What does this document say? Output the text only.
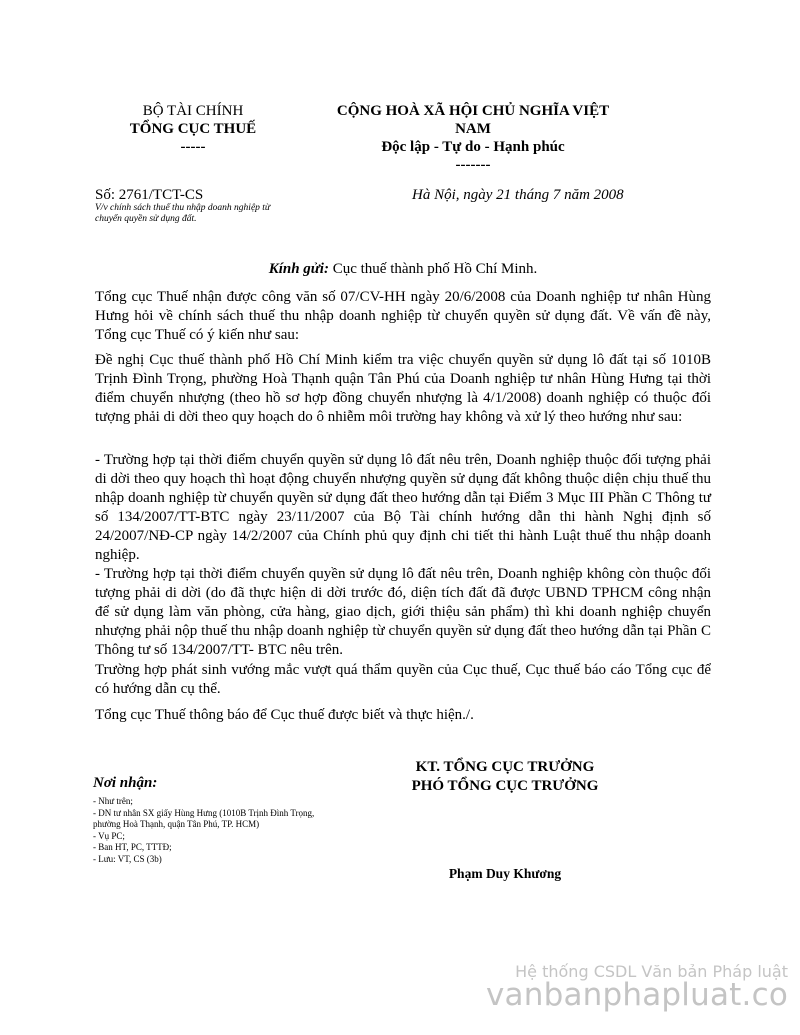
BỘ TÀI CHÍNH
TỔNG CỤC THUẾ
-----
CỘNG HOÀ XÃ HỘI CHỦ NGHĨA VIỆT
NAM
Độc lập - Tự do - Hạnh phúc
-------
Số: 2761/TCT-CS
V/v chính sách thuế thu nhập doanh nghiệp từ
chuyển quyền sử dụng đất.
Hà Nội, ngày 21 tháng 7 năm 2008
Kính gửi: Cục thuế thành phố Hồ Chí Minh.
Tổng cục Thuế nhận được công văn số 07/CV-HH ngày 20/6/2008 của Doanh nghiệp tư nhân Hùng Hưng hỏi về chính sách thuế thu nhập doanh nghiệp từ chuyển quyền sử dụng đất. Về vấn đề này, Tổng cục Thuế có ý kiến như sau:
Đề nghị Cục thuế thành phố Hồ Chí Minh kiểm tra việc chuyển quyền sử dụng lô đất tại số 1010B Trịnh Đình Trọng, phường Hoà Thạnh quận Tân Phú của Doanh nghiệp tư nhân Hùng Hưng tại thời điểm chuyển nhượng (theo hồ sơ hợp đồng chuyển nhượng là 4/1/2008) doanh nghiệp có thuộc đối tượng phải di dời theo quy hoạch do ô nhiễm môi trường hay không và xử lý theo hướng như sau:
- Trường hợp tại thời điểm chuyển quyền sử dụng lô đất nêu trên, Doanh nghiệp thuộc đối tượng phải di dời theo quy hoạch thì hoạt động chuyển nhượng quyền sử dụng đất không thuộc diện chịu thuế thu nhập doanh nghiệp từ chuyển quyền sử dụng đất theo hướng dẫn tại Điểm 3 Mục III Phần C Thông tư số 134/2007/TT-BTC ngày 23/11/2007 của Bộ Tài chính hướng dẫn thi hành Nghị định số 24/2007/NĐ-CP ngày 14/2/2007 của Chính phủ quy định chi tiết thi hành Luật thuế thu nhập doanh nghiệp.
- Trường hợp tại thời điểm chuyển quyền sử dụng lô đất nêu trên, Doanh nghiệp không còn thuộc đối tượng phải di dời (do đã thực hiện di dời trước đó, diện tích đất đã được UBND TPHCM công nhận để sử dụng làm văn phòng, cửa hàng, giao dịch, giới thiệu sản phẩm) thì khi doanh nghiệp chuyển nhượng phải nộp thuế thu nhập doanh nghiệp từ chuyển quyền sử dụng đất theo hướng dẫn tại Phần C Thông tư số 134/2007/TT- BTC nêu trên.
Trường hợp phát sinh vướng mắc vượt quá thẩm quyền của Cục thuế, Cục thuế báo cáo Tổng cục để có hướng dẫn cụ thể.
Tổng cục Thuế thông báo để Cục thuế được biết và thực hiện./.
KT. TỔNG CỤC TRƯỞNG
PHÓ TỔNG CỤC TRƯỞNG
Phạm Duy Khương
Nơi nhận:
- Như trên;
- DN tư nhân SX giấy Hùng Hưng (1010B Trịnh Đình Trọng,
phường Hoà Thạnh, quận Tân Phú, TP. HCM)
- Vụ PC;
- Ban HT, PC, TTTĐ;
- Lưu: VT, CS (3b)
Hệ thống CSDL Văn bản Pháp luật
vanbanphapluat.co
